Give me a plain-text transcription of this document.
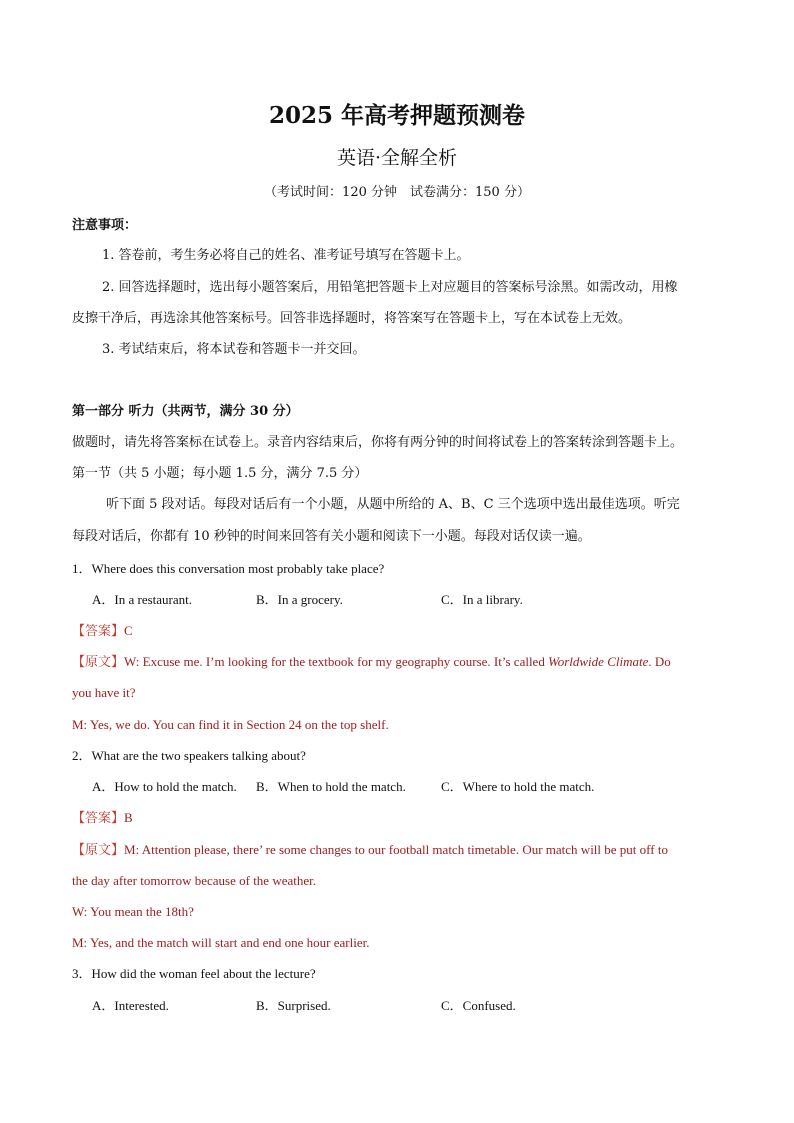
2025 年高考押题预测卷
英语·全解全析
（考试时间：120 分钟　试卷满分：150 分）
注意事项：
1. 答卷前，考生务必将自己的姓名、准考证号填写在答题卡上。
2. 回答选择题时，选出每小题答案后，用铅笔把答题卡上对应题目的答案标号涂黑。如需改动，用橡
皮擦干净后，再选涂其他答案标号。回答非选择题时，将答案写在答题卡上，写在本试卷上无效。
3. 考试结束后，将本试卷和答题卡一并交回。
第一部分 听力（共两节，满分 30 分）
做题时，请先将答案标在试卷上。录音内容结束后，你将有两分钟的时间将试卷上的答案转涂到答题卡上。
第一节（共 5 小题；每小题 1.5 分，满分 7.5 分）
听下面 5 段对话。每段对话后有一个小题，从题中所给的 A、B、C 三个选项中选出最佳选项。听完
每段对话后，你都有 10 秒钟的时间来回答有关小题和阅读下一小题。每段对话仅读一遍。
1．Where does this conversation most probably take place?
A．In a restaurant.	B．In a grocery.	C．In a library.
【答案】C
【原文】W: Excuse me. I’m looking for the textbook for my geography course. It’s called Worldwide Climate. Do
you have it?
M: Yes, we do. You can find it in Section 24 on the top shelf.
2．What are the two speakers talking about?
A．How to hold the match. B．When to hold the match.	C．Where to hold the match.
【答案】B
【原文】M: Attention please, there’ re some changes to our football match timetable. Our match will be put off to
the day after tomorrow because of the weather.
W: You mean the 18th?
M: Yes, and the match will start and end one hour earlier.
3．How did the woman feel about the lecture?
A．Interested.	B．Surprised.	C．Confused.
